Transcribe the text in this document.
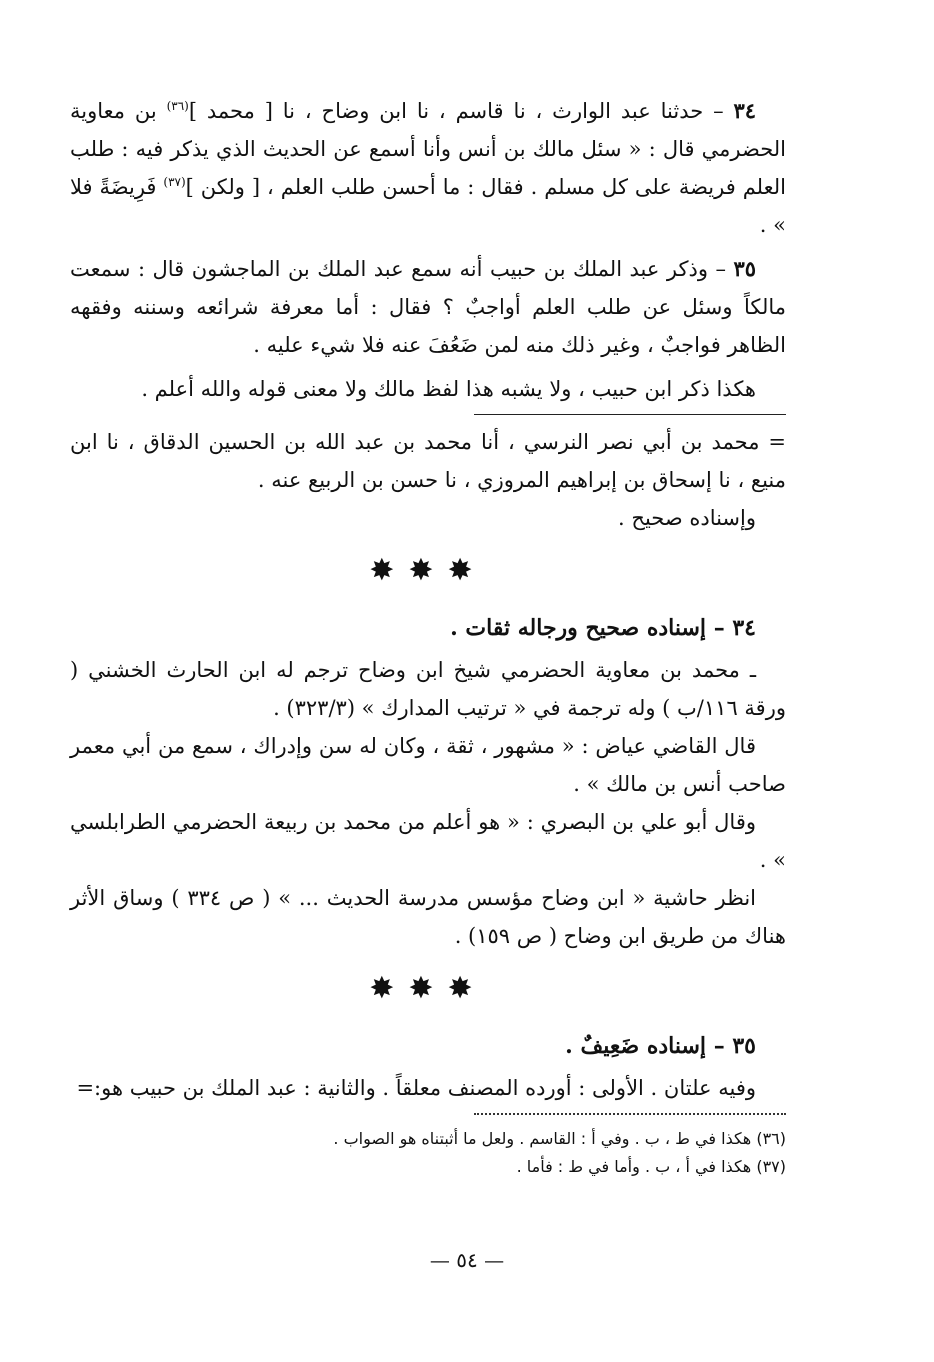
٣٤ – حدثنا عبد الوارث ، نا قاسم ، نا ابن وضاح ، نا [ محمد ]$^{(٣٦)}$ بن معاوية الحضرمي قال : « سئل مالك بن أنس وأنا أسمع عن الحديث الذي يذكر فيه : طلب العلم فريضة على كل مسلم . فقال : ما أحسن طلب العلم ، [ ولكن ]$^{(٣٧)}$ فَرِيضَةً فلا » .

٣٥ – وذكر عبد الملك بن حبيب أنه سمع عبد الملك بن الماجشون قال : سمعت مالكاً وسئل عن طلب العلم أواجبٌ ؟ فقال : أما معرفة شرائعه وسننه وفقهه الظاهر فواجبٌ ، وغير ذلك منه لمن ضَعُفَ عنه فلا شيء عليه .

هكذا ذكر ابن حبيب ، ولا يشبه هذا لفظ مالك ولا معنى قوله والله أعلم .

= محمد بن أبي نصر النرسي ، أنا محمد بن عبد الله بن الحسين الدقاق ، نا ابن منيع ، نا إسحاق بن إبراهيم المروزي ، نا حسن بن الربيع عنه .

وإسناده صحيح .

✸✸✸

٣٤ – إسناده صحيح ورجاله ثقات .

ـ محمد بن معاوية الحضرمي شيخ ابن وضاح ترجم له ابن الحارث الخشني ( ورقة ١١٦/ب ) وله ترجمة في « ترتيب المدارك » (٣٢٣/٣) .

قال القاضي عياض : « مشهور ، ثقة ، وكان له سن وإدراك ، سمع من أبي معمر صاحب أنس بن مالك » .

وقال أبو علي بن البصري : « هو أعلم من محمد بن ربيعة الحضرمي الطرابلسي » .

انظر حاشية « ابن وضاح مؤسس مدرسة الحديث ... » ( ص ٣٣٤ ) وساق الأثر هناك من طريق ابن وضاح ( ص ١٥٩) .

✸✸✸

٣٥ – إسناده ضَعِيفٌ .

وفيه علتان . الأولى : أورده المصنف معلقاً . والثانية : عبد الملك بن حبيب هو:=

(٣٦) هكذا في ط ، ب . وفي أ : القاسم . ولعل ما أثبتناه هو الصواب .

(٣٧) هكذا في أ ، ب . وأما في ط : فأما .

— ٥٤ —
